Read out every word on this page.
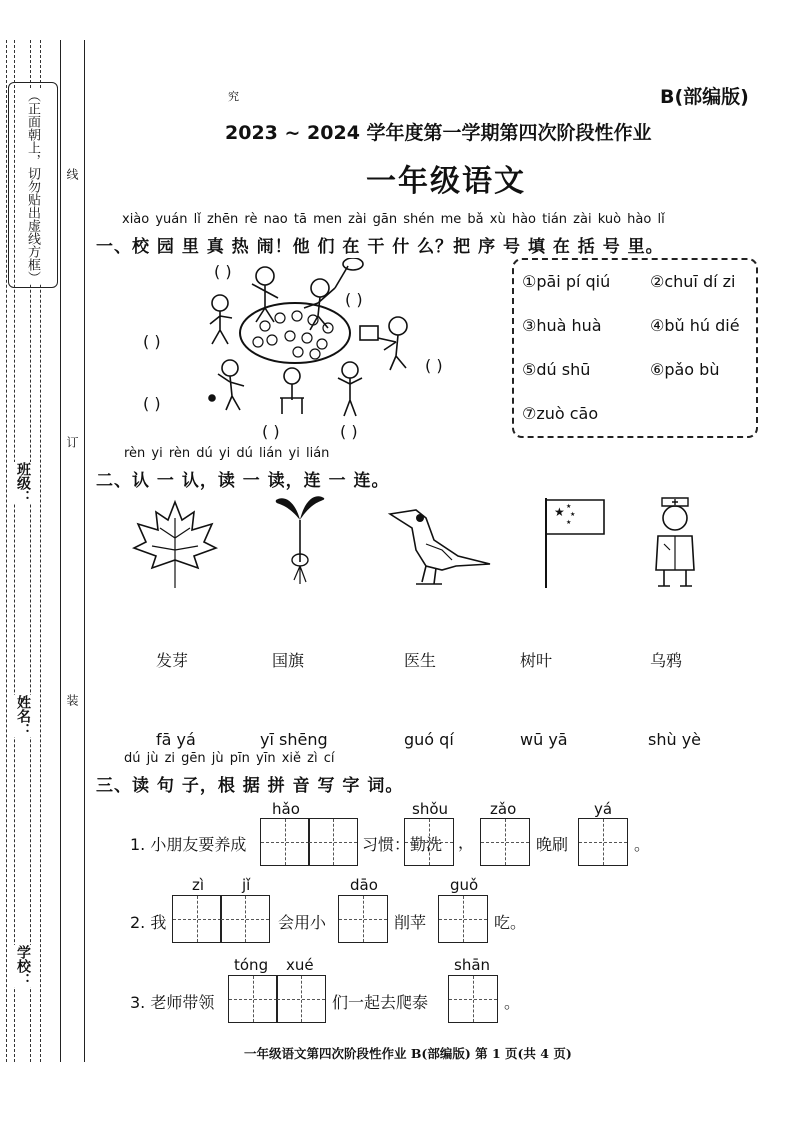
（正面朝上，切勿贴出虚线方框） 线
订
装
班级：
姓名：
学校：
究	B(部编版)
2023 ~ 2024 学年度第一学期第四次阶段性作业
一年级语文
xiào yuán lǐ zhēn rè nao tā men zài gān shén me bǎ xù hào tián zài kuò hào lǐ
一、校 园 里 真 热 闹！他 们 在 干 什 么？把 序 号 填 在 括 号 里。
( )
( )
( )
( )
( )
( )	( )
①pāi pí qiú ②chuī dí zi
③huà huà	④bǔ hú dié
⑤dú shū	⑥pǎo bù
⑦zuò cāo
rèn yi rèn dú yi dú lián yi lián
二、认 一 认，读 一 读，连 一 连。
★ ★
★
★
发芽	国旗	医生	树叶	乌鸦
fā yá	yī shēng	guó qí	wū yā	shù yè
dú jù zi gēn jù pīn yīn xiě zì cí
三、读 句 子，根 据 拼 音 写 字 词。
hǎo	shǒu	zǎo	yá
1. 小朋友要养成	习惯：勤洗 ，	晚刷	。
zì	jǐ	dāo	guǒ
2. 我	会用小	削苹	吃。
tóng xué	shān
3. 老师带领	们一起去爬泰	。
一年级语文第四次阶段性作业 B(部编版) 第 1 页(共 4 页)
